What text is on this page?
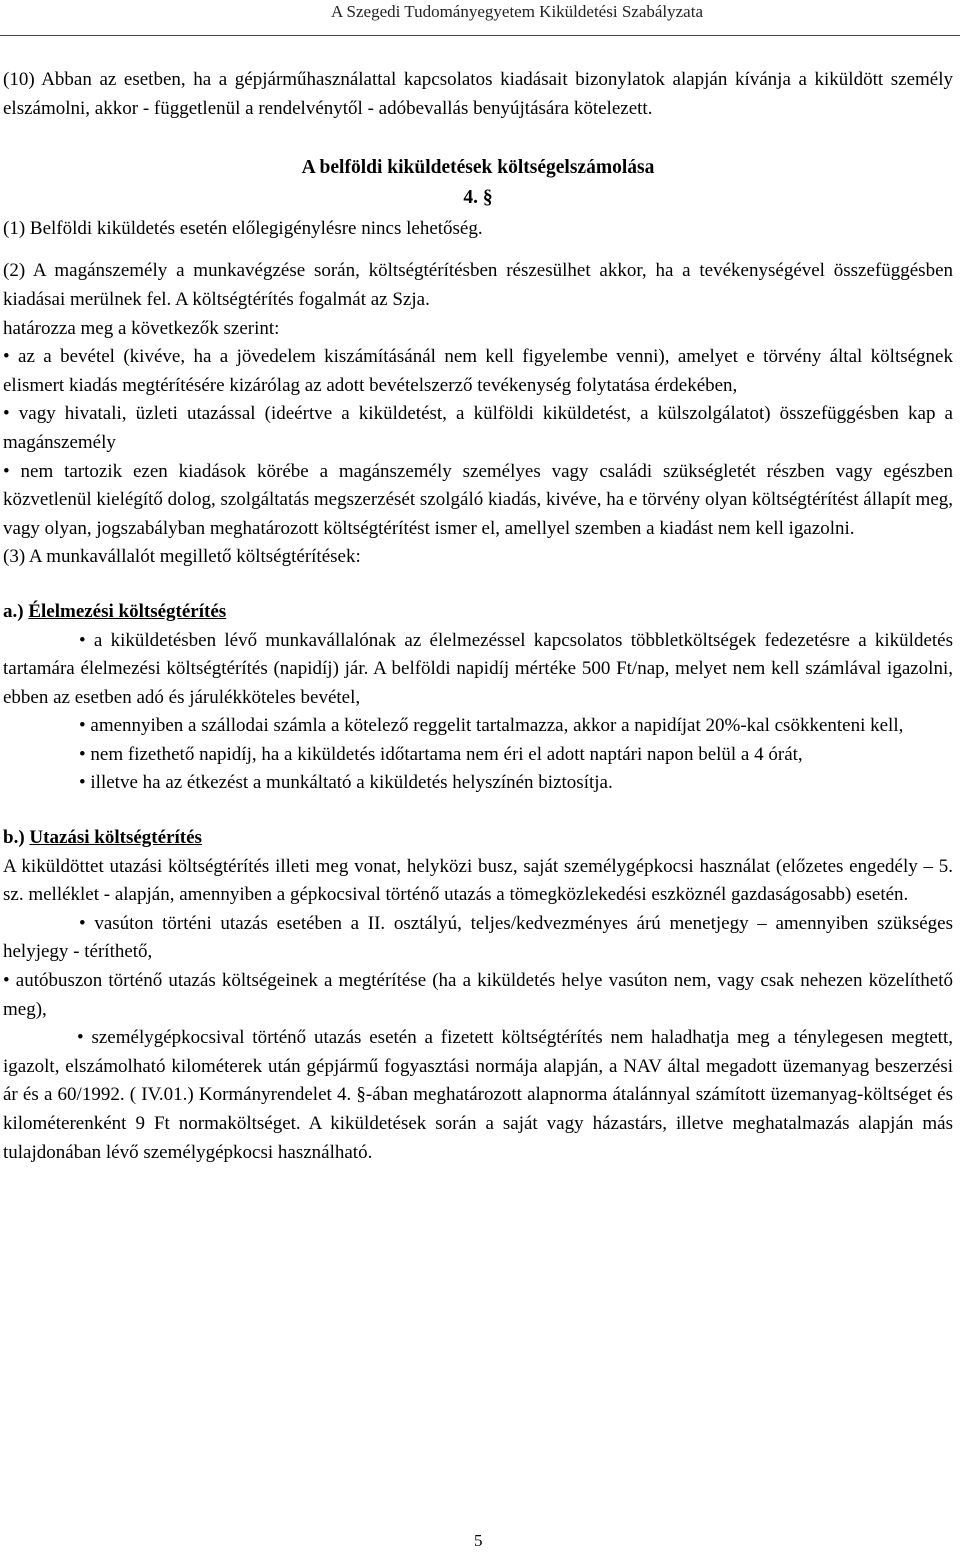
A Szegedi Tudományegyetem Kiküldetési Szabályzata

(10) Abban az esetben, ha a gépjárműhasználattal kapcsolatos kiadásait bizonylatok alapján kívánja a kiküldött személy elszámolni, akkor - függetlenül a rendelvénytől - adóbevallás benyújtására kötelezett.

A belföldi kiküldetések költségelszámolása
4. §

(1) Belföldi kiküldetés esetén előlegigénylésre nincs lehetőség.

(2) A magánszemély a munkavégzése során, költségtérítésben részesülhet akkor, ha a tevékenységével összefüggésben kiadásai merülnek fel. A költségtérítés fogalmát az Szja.

határozza meg a következők szerint:

• az a bevétel (kivéve, ha a jövedelem kiszámításánál nem kell figyelembe venni), amelyet e törvény által költségnek elismert kiadás megtérítésére kizárólag az adott bevételszerző tevékenység folytatása érdekében,

• vagy hivatali, üzleti utazással (ideértve a kiküldetést, a külföldi kiküldetést, a külszolgálatot) összefüggésben kap a magánszemély

• nem tartozik ezen kiadások körébe a magánszemély személyes vagy családi szükségletét részben vagy egészben közvetlenül kielégítő dolog, szolgáltatás megszerzését szolgáló kiadás, kivéve, ha e törvény olyan költségtérítést állapít meg, vagy olyan, jogszabályban meghatározott költségtérítést ismer el, amellyel szemben a kiadást nem kell igazolni.

(3) A munkavállalót megillető költségtérítések:

a.) Élelmezési költségtérítés

• a kiküldetésben lévő munkavállalónak az élelmezéssel kapcsolatos többletköltségek fedezetésre a kiküldetés tartamára élelmezési költségtérítés (napidíj) jár. A belföldi napidíj mértéke 500 Ft/nap, melyet nem kell számlával igazolni, ebben az esetben adó és járulékköteles bevétel,

• amennyiben a szállodai számla a kötelező reggelit tartalmazza, akkor a napidíjat 20%-kal csökkenteni kell,

• nem fizethető napidíj, ha a kiküldetés időtartama nem éri el adott naptári napon belül a 4 órát,

• illetve ha az étkezést a munkáltató a kiküldetés helyszínén biztosítja.

b.) Utazási költségtérítés

A kiküldöttet utazási költségtérítés illeti meg vonat, helyközi busz, saját személygépkocsi használat (előzetes engedély – 5. sz. melléklet - alapján, amennyiben a gépkocsival történő utazás a tömegközlekedési eszköznél gazdaságosabb) esetén.

• vasúton történi utazás esetében a II. osztályú, teljes/kedvezményes árú menetjegy – amennyiben szükséges helyjegy - téríthető,

• autóbuszon történő utazás költségeinek a megtérítése (ha a kiküldetés helye vasúton nem, vagy csak nehezen közelíthető meg),

• személygépkocsival történő utazás esetén a fizetett költségtérítés nem haladhatja meg a ténylegesen megtett, igazolt, elszámolható kilométerek után gépjármű fogyasztási normája alapján, a NAV által megadott üzemanyag beszerzési ár és a 60/1992. ( IV.01.) Kormányrendelet 4. §-ában meghatározott alapnorma átalánnyal számított üzemanyag-költséget és kilométerenként 9 Ft normaköltséget. A kiküldetések során a saját vagy házastárs, illetve meghatalmazás alapján más tulajdonában lévő személygépkocsi használható.

5
